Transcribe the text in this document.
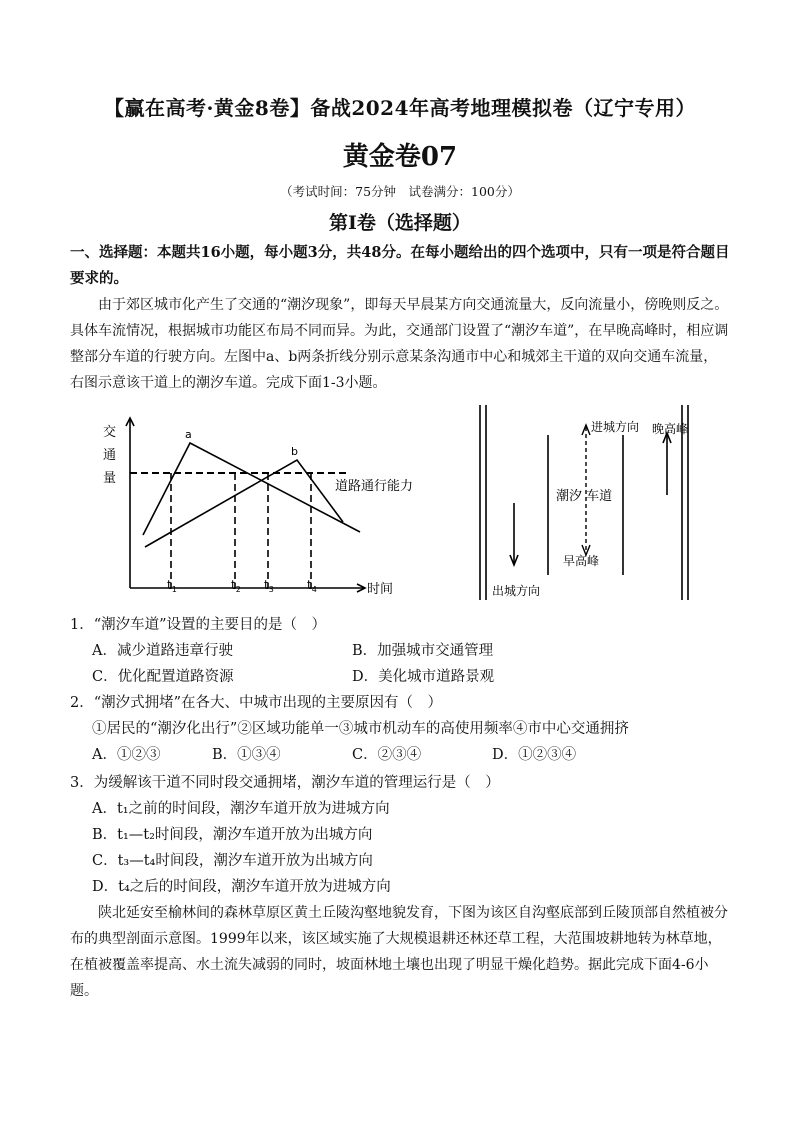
【赢在高考·黄金8卷】备战2024年高考地理模拟卷（辽宁专用）
黄金卷07
（考试时间：75分钟　试卷满分：100分）
第Ⅰ卷（选择题）
一、选择题：本题共16小题，每小题3分，共48分。在每小题给出的四个选项中，只有一项是符合题目要求的。
由于郊区城市化产生了交通的“潮汐现象”，即每天早晨某方向交通流量大，反向流量小，傍晚则反之。具体车流情况，根据城市功能区布局不同而异。为此，交通部门设置了“潮汐车道”，在早晚高峰时，相应调整部分车道的行驶方向。左图中a、b两条折线分别示意某条沟通市中心和城郊主干道的双向交通车流量，右图示意该干道上的潮汐车道。完成下面1-3小题。
交
通
量
道路通行能力
a
b
$t_1$	$t_2$ $t_3$	$t_4$	时间
进城方向 晚高峰
潮汐 车道
早高峰
出城方向
1．“潮汐车道”设置的主要目的是（　）
A．减少道路违章行驶	B．加强城市交通管理
C．优化配置道路资源	D．美化城市道路景观
2．“潮汐式拥堵”在各大、中城市出现的主要原因有（　）
①居民的“潮汐化出行”②区域功能单一③城市机动车的高使用频率④市中心交通拥挤
A．①②③	B．①③④	C．②③④	D．①②③④
3．为缓解该干道不同时段交通拥堵，潮汐车道的管理运行是（　）
A．t₁之前的时间段，潮汐车道开放为进城方向
B．t₁—t₂时间段，潮汐车道开放为出城方向
C．t₃—t₄时间段，潮汐车道开放为出城方向
D．t₄之后的时间段，潮汐车道开放为进城方向
陕北延安至榆林间的森林草原区黄土丘陵沟壑地貌发育，下图为该区自沟壑底部到丘陵顶部自然植被分布的典型剖面示意图。1999年以来，该区域实施了大规模退耕还林还草工程，大范围坡耕地转为林草地，在植被覆盖率提高、水土流失减弱的同时，坡面林地土壤也出现了明显干燥化趋势。据此完成下面4-6小题。
